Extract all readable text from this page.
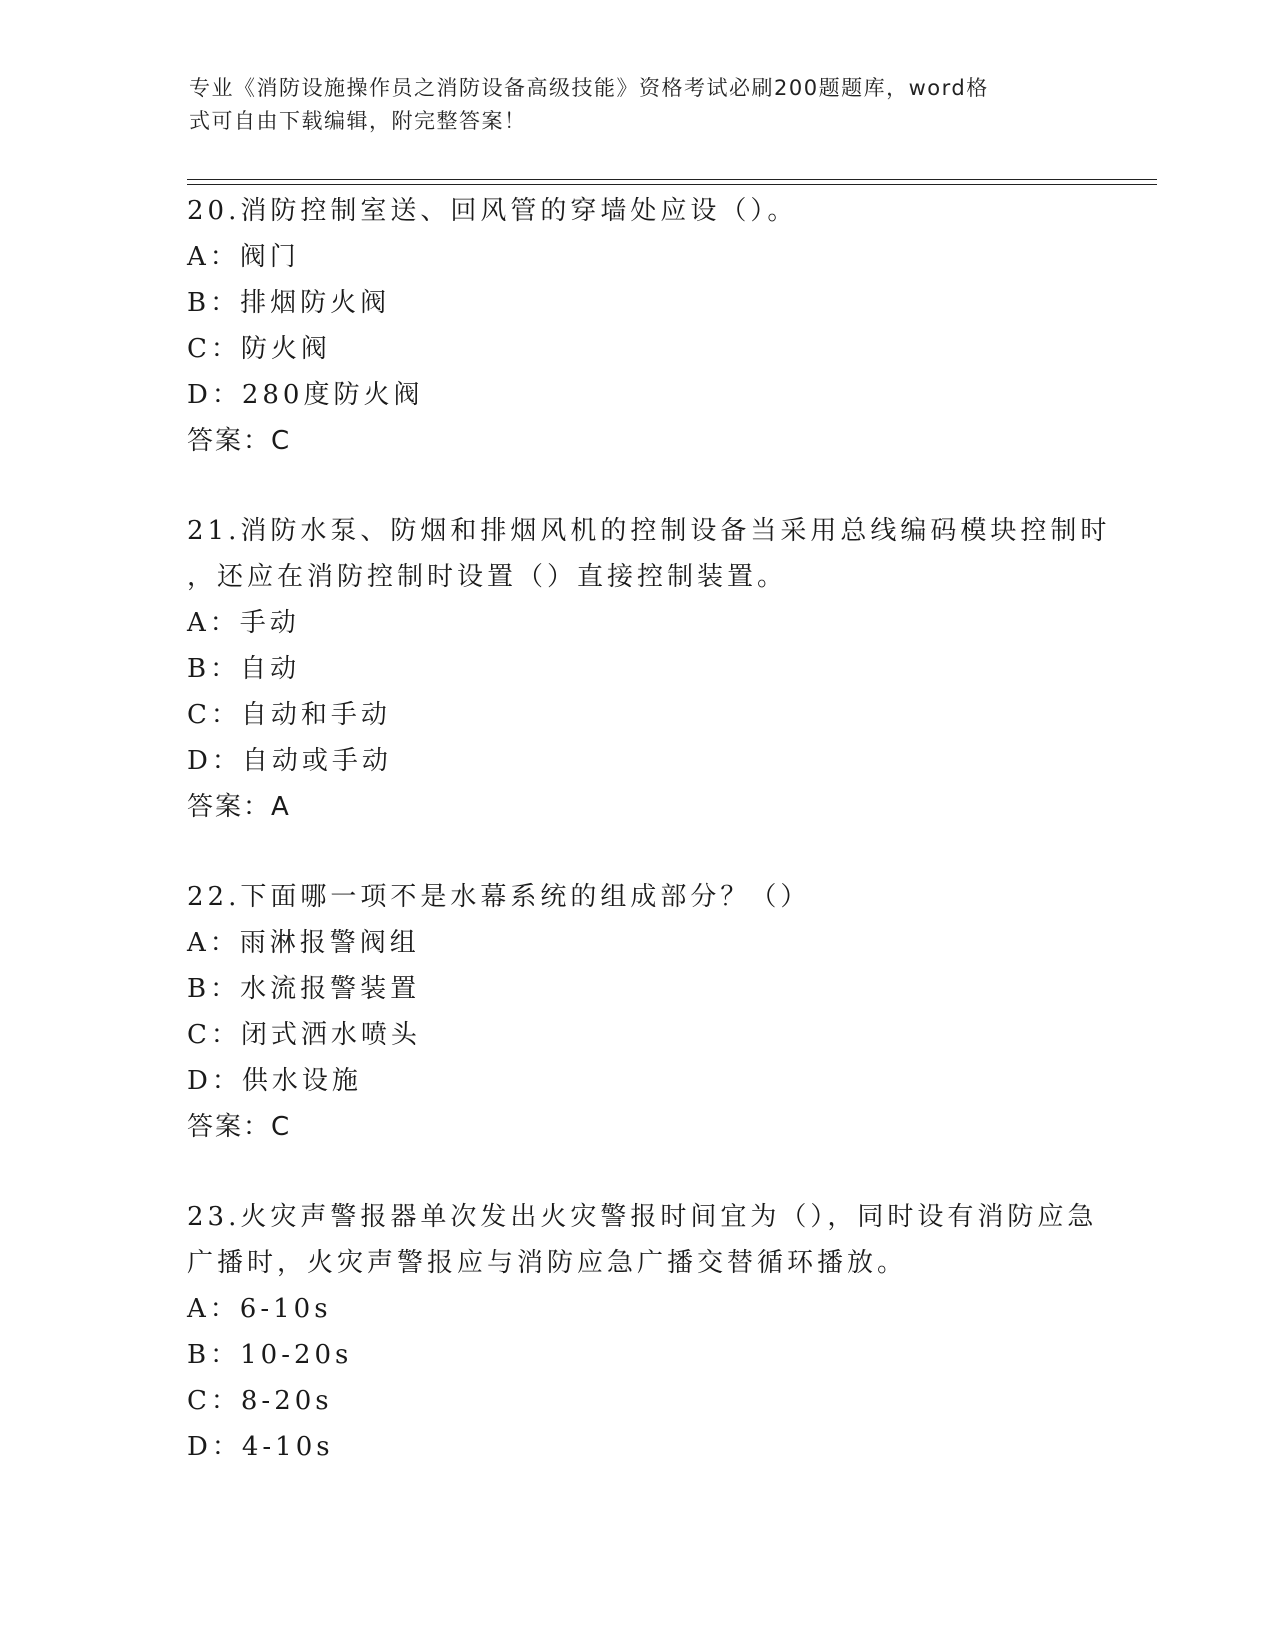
专业《消防设施操作员之消防设备高级技能》资格考试必刷200题题库，word格
式可自由下载编辑，附完整答案！
20.消防控制室送、回风管的穿墙处应设（）。
A：阀门
B：排烟防火阀
C：防火阀
D：280度防火阀
答案：C
21.消防水泵、防烟和排烟风机的控制设备当采用总线编码模块控制时
，还应在消防控制时设置（）直接控制装置。
A：手动
B：自动
C：自动和手动
D：自动或手动
答案：A
22.下面哪一项不是水幕系统的组成部分？（）
A：雨淋报警阀组
B：水流报警装置
C：闭式洒水喷头
D：供水设施
答案：C
23.火灾声警报器单次发出火灾警报时间宜为（），同时设有消防应急
广播时，火灾声警报应与消防应急广播交替循环播放。
A：6-10s
B：10-20s
C：8-20s
D：4-10s
